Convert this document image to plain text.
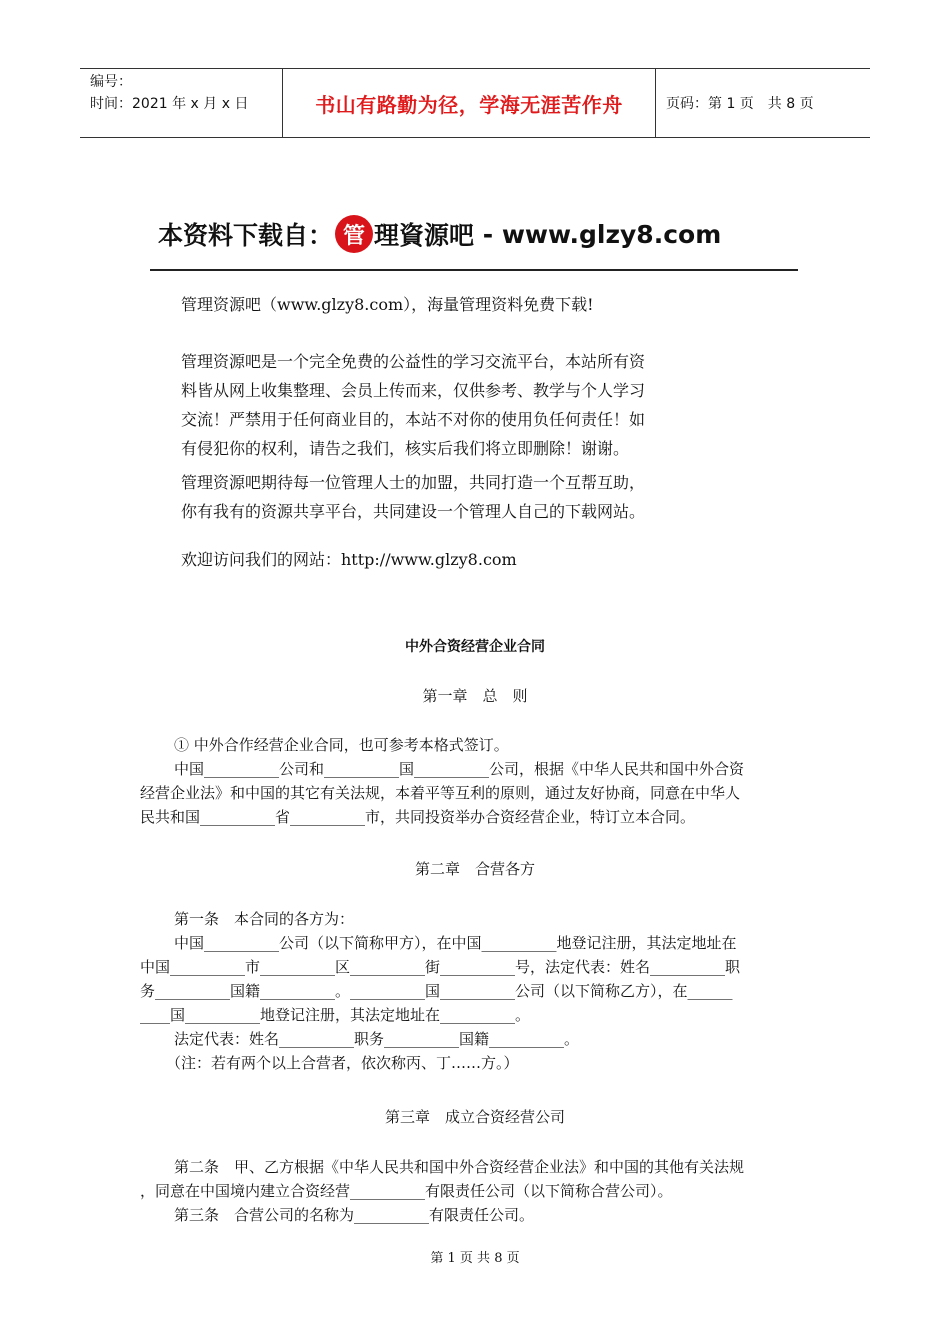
编号：
时间：2021 年 x 月 x 日	书山有路勤为径，学海无涯苦作舟	页码：第 1 页　共 8 页
本资料下载自： 管 理資源吧 - www.glzy8.com

管理资源吧（www.glzy8.com），海量管理资料免费下载!

管理资源吧是一个完全免费的公益性的学习交流平台，本站所有资

料皆从网上收集整理、会员上传而来，仅供参考、教学与个人学习

交流！严禁用于任何商业目的，本站不对你的使用负任何责任！如

有侵犯你的权利，请告之我们，核实后我们将立即删除！谢谢。

管理资源吧期待每一位管理人士的加盟，共同打造一个互帮互助，

你有我有的资源共享平台，共同建设一个管理人自己的下载网站。

欢迎访问我们的网站：http://www.glzy8.com

中外合资经营企业合同
第一章　总　则

① 中外合作经营企业合同，也可参考本格式签订。

中国__________公司和__________国__________公司，根据《中华人民共和国中外合资

经营企业法》和中国的其它有关法规，本着平等互利的原则，通过友好协商，同意在中华人

民共和国__________省__________市，共同投资举办合资经营企业，特订立本合同。

第二章　合营各方

第一条　本合同的各方为：

中国__________公司（以下简称甲方），在中国__________地登记注册，其法定地址在

中国__________市__________区__________街__________号，法定代表：姓名__________职

务__________国籍__________。__________国__________公司（以下简称乙方），在______

____国__________地登记注册，其法定地址在__________。

法定代表：姓名__________职务__________国籍__________。

（注：若有两个以上合营者，依次称丙、丁……方。）

第三章　成立合资经营公司

第二条　甲、乙方根据《中华人民共和国中外合资经营企业法》和中国的其他有关法规

，同意在中国境内建立合资经营__________有限责任公司（以下简称合营公司）。

第三条　合营公司的名称为__________有限责任公司。

第 1 页 共 8 页
